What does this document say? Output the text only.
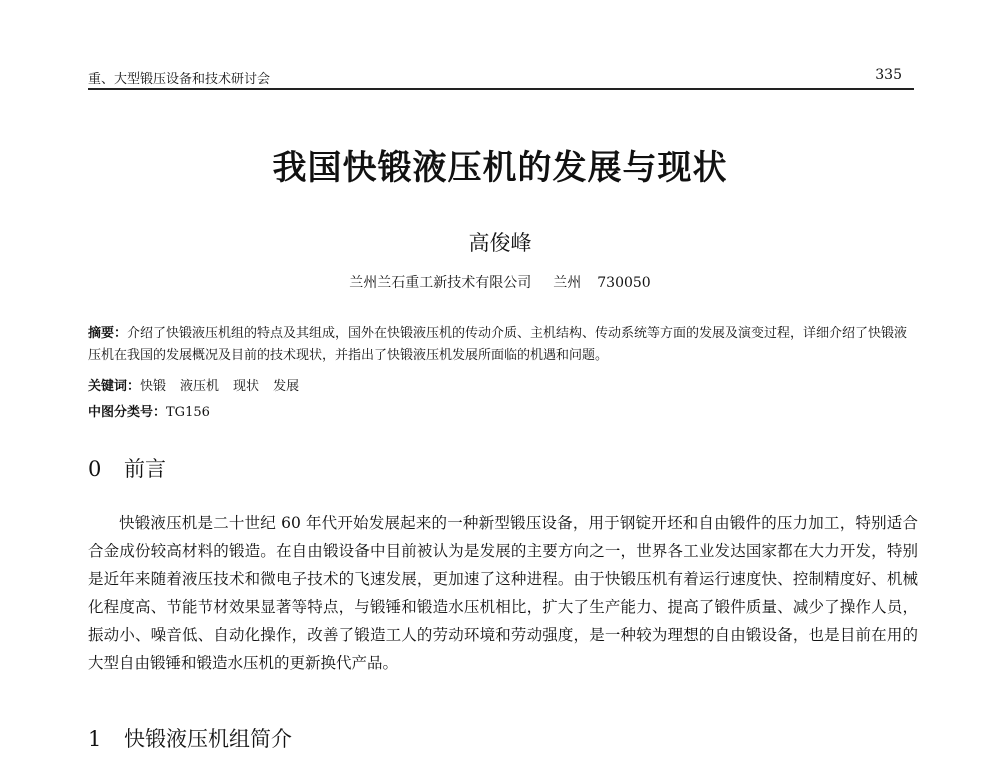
重、大型锻压设备和技术研讨会	335
我国快锻液压机的发展与现状
高俊峰
兰州兰石重工新技术有限公司 兰州 730050
摘要：介绍了快锻液压机组的特点及其组成，国外在快锻液压机的传动介质、主机结构、传动系统等方面的发展及演变过程，详细介绍了快锻液压机在我国的发展概况及目前的技术现状，并指出了快锻液压机发展所面临的机遇和问题。
关键词：快锻 液压机 现状 发展
中图分类号：TG156
0 前言
快锻液压机是二十世纪 60 年代开始发展起来的一种新型锻压设备，用于钢锭开坯和自由锻件的压力加工，特别适合合金成份较高材料的锻造。在自由锻设备中目前被认为是发展的主要方向之一，世界各工业发达国家都在大力开发，特别是近年来随着液压技术和微电子技术的飞速发展，更加速了这种进程。由于快锻压机有着运行速度快、控制精度好、机械化程度高、节能节材效果显著等特点，与锻锤和锻造水压机相比，扩大了生产能力、提高了锻件质量、减少了操作人员，振动小、噪音低、自动化操作，改善了锻造工人的劳动环境和劳动强度，是一种较为理想的自由锻设备，也是目前在用的大型自由锻锤和锻造水压机的更新换代产品。
1 快锻液压机组简介
